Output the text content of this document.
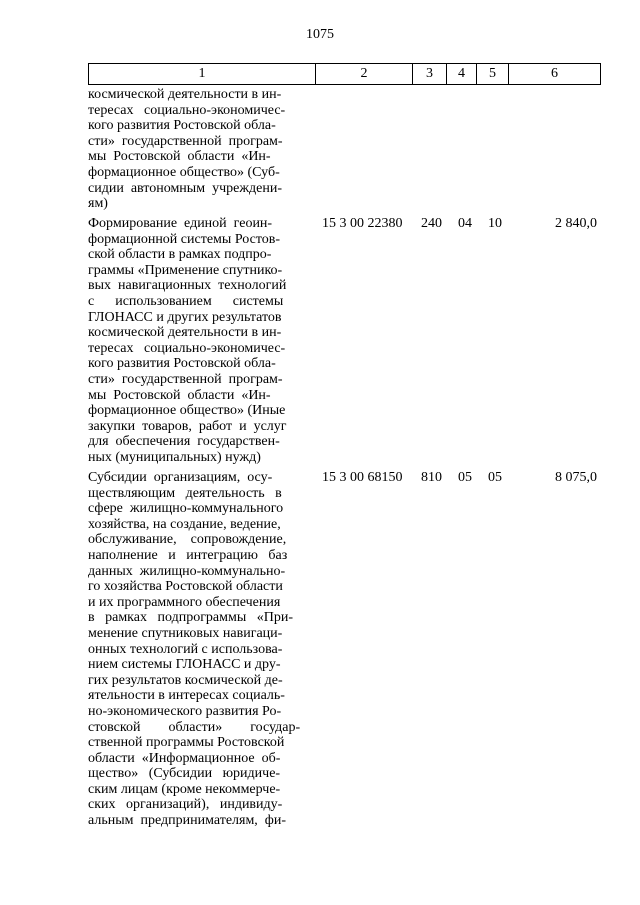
1075
1	2	3	4	5	6
космической деятельности в ин-
тересах   социально-экономичес-
кого развития Ростовской обла-
сти»  государственной  програм-
мы  Ростовской  области  «Ин-
формационное общество» (Суб-
сидии  автономным  учреждени-
ям)
Формирование  единой  геоин-
формационной системы Ростов-
ской области в рамках подпро-
граммы «Применение спутнико-
вых  навигационных  технологий
с      использованием      системы
ГЛОНАСС и других результатов
космической деятельности в ин-
тересах   социально-экономичес-
кого развития Ростовской обла-
сти»  государственной  програм-
мы  Ростовской  области  «Ин-
формационное общество» (Иные
закупки  товаров,  работ  и  услуг
для  обеспечения  государствен-
ных (муниципальных) нужд)
15 3 00 22380	240 04 10	2 840,0
Субсидии  организациям,  осу-
ществляющим   деятельность   в
сфере  жилищно-коммунального
хозяйства, на создание, ведение,
обслуживание,    сопровождение,
наполнение   и   интеграцию   баз
данных  жилищно-коммунально-
го хозяйства Ростовской области
и их программного обеспечения
в   рамках   подпрограммы   «При-
менение спутниковых навигаци-
онных технологий с использова-
нием системы ГЛОНАСС и дру-
гих результатов космической де-
ятельности в интересах социаль-
но-экономического развития Ро-
стовской        области»        государ-
ственной программы Ростовской
области  «Информационное  об-
щество»   (Субсидии   юридиче-
ским лицам (кроме некоммерче-
ских   организаций),   индивиду-
альным  предпринимателям,  фи-
15 3 00 68150	810 05 05	8 075,0
